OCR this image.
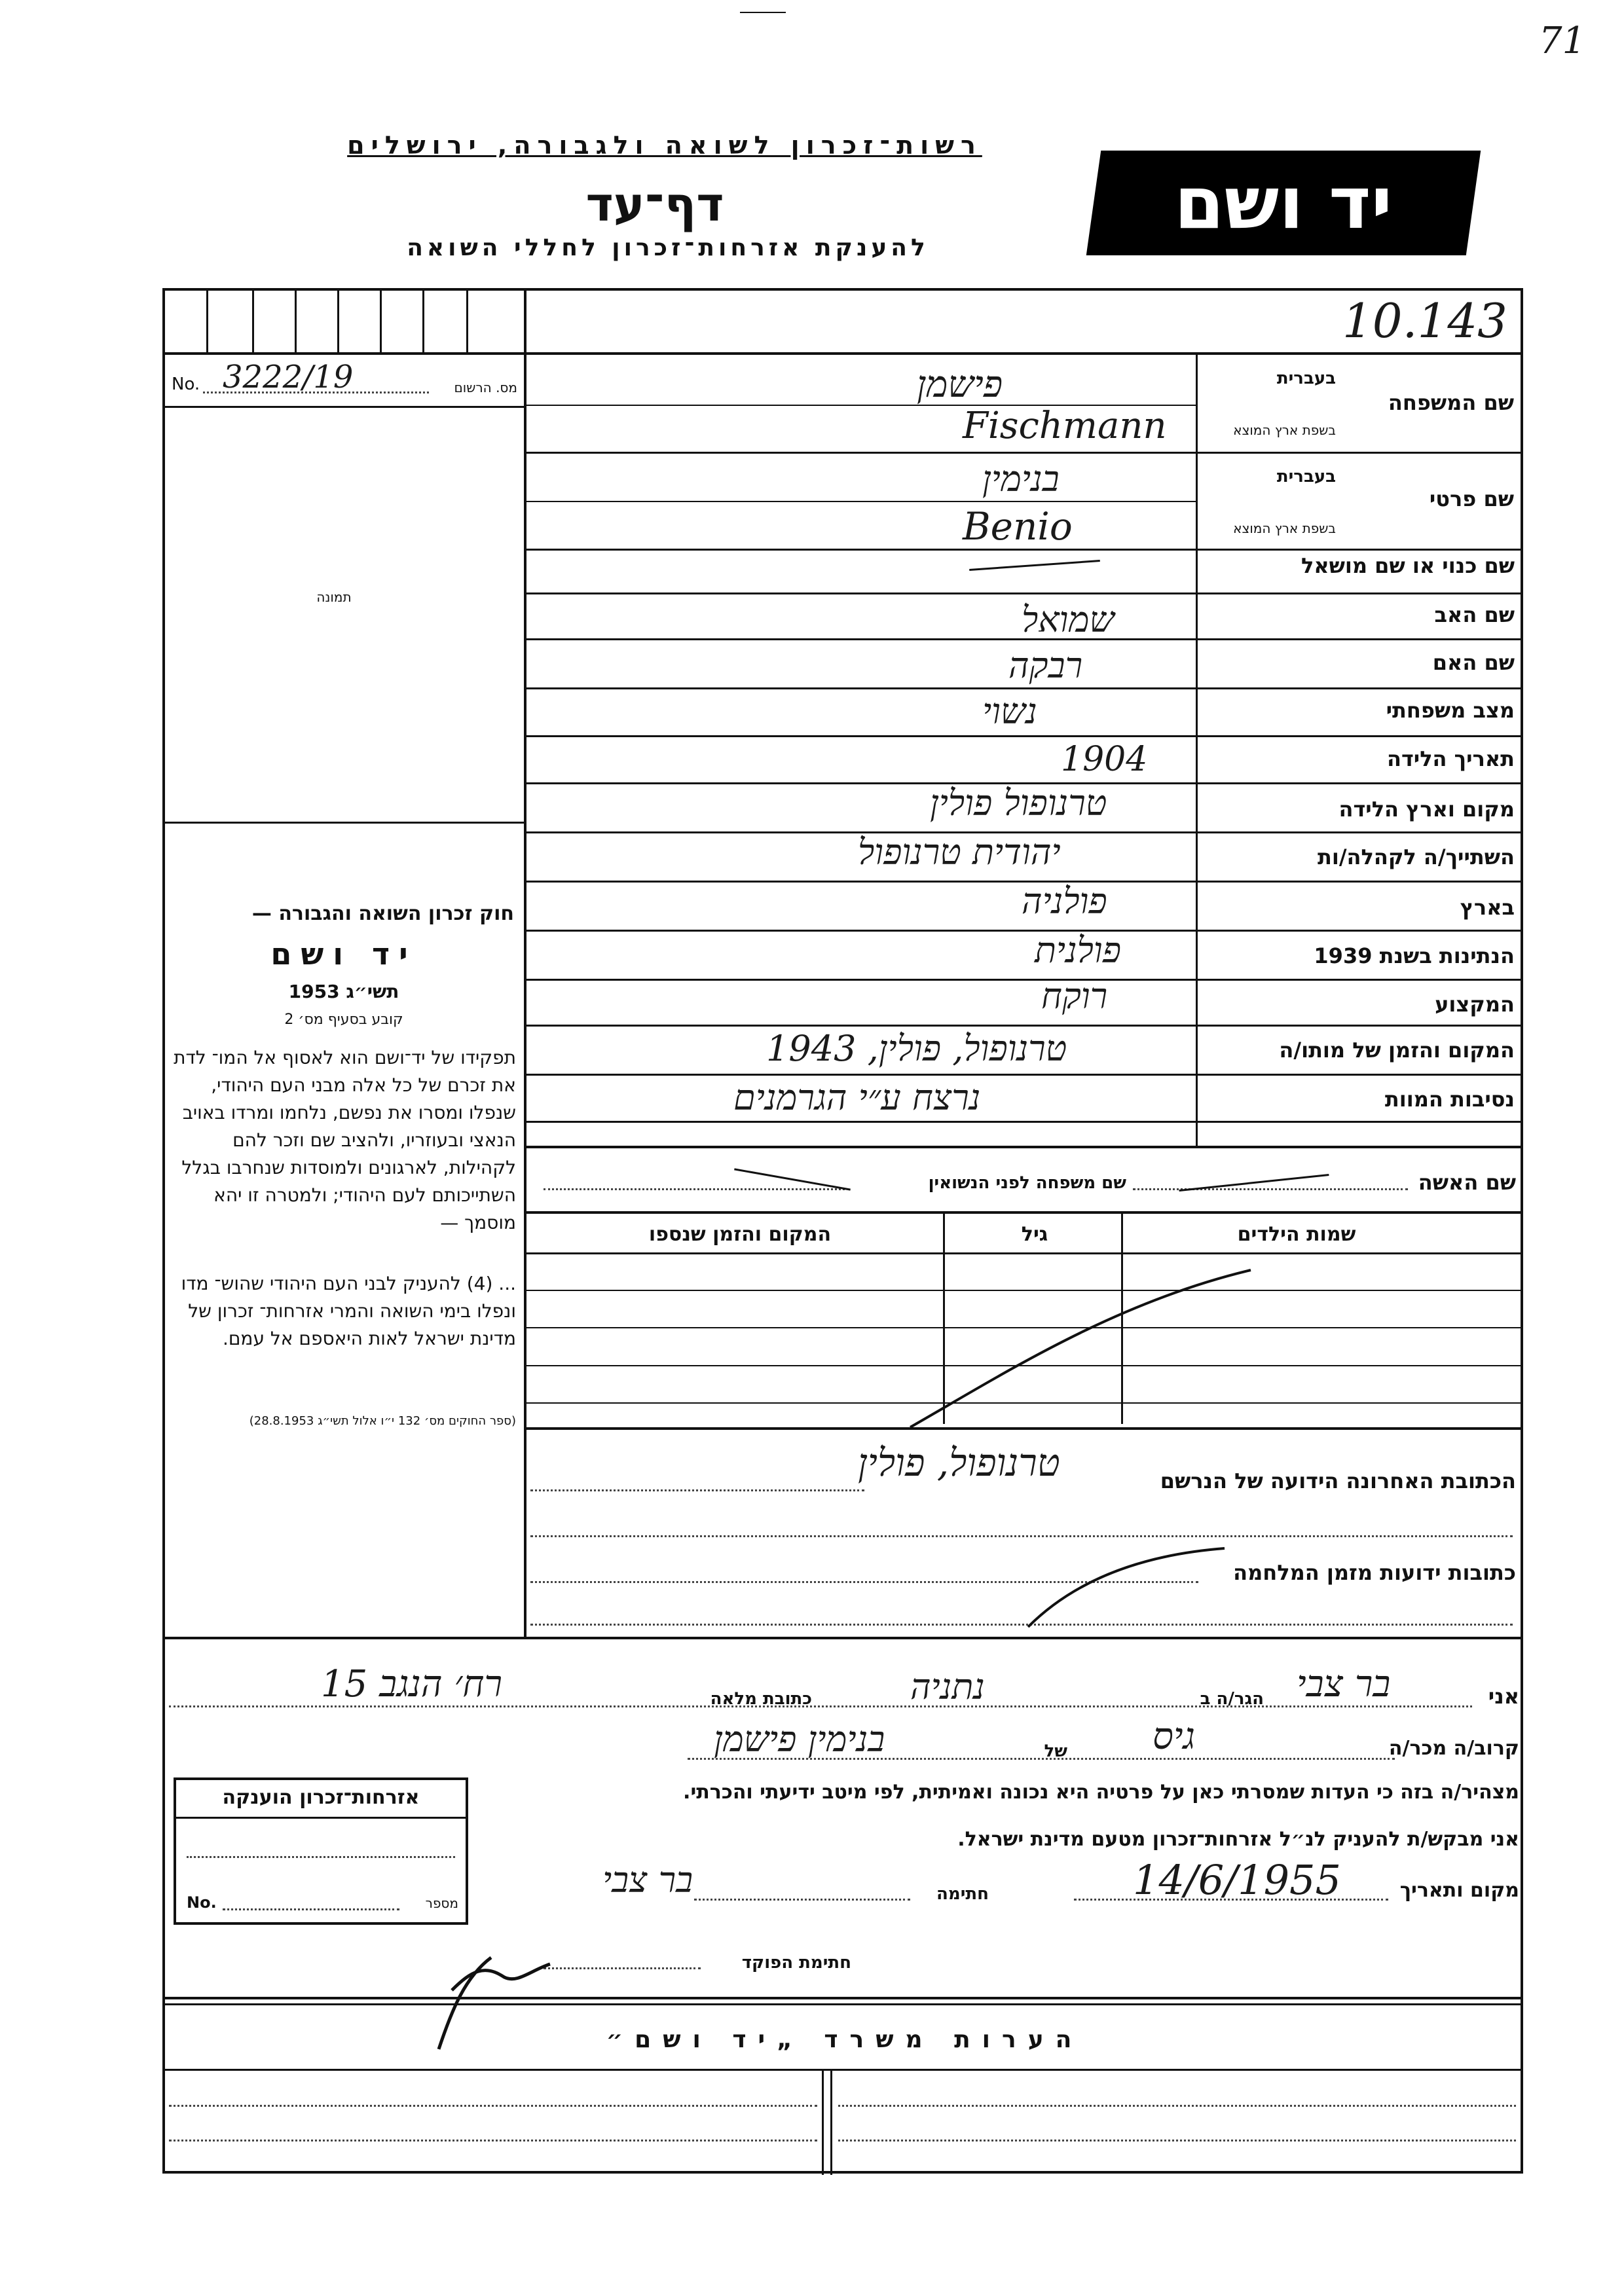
71
רשות־זכרון לשואה ולגבורה, ירושלים
דף־עד
להענקת אזרחות־זכרון לחללי השואה
יד ושם
10.143
No. 3222/19	מס. הרשום
תמונה
חוק זכרון השואה והגבורה —
יד ושם
תשי״ג 1953
קובע בסעיף מס׳ 2
תפקידו של יד־ושם הוא לאסוף אל המו־ לדת את זכרם של כל אלה מבני העם היהודי, שנפלו ומסרו את נפשם, נלחמו ומרדו באויב הנאצי ובעוזריו, ולהציב שם וזכר להם לקהילות, לארגונים ולמוסדות שנחרבו בגלל השתייכותם לעם היהודי; ולמטרה זו יהא מוסמך —
... (4) להעניק לבני העם היהודי שהוש־ מדו ונפלו בימי השואה והמרי אזרחות־ זכרון של מדינת ישראל לאות היאספם אל עמם.
(ספר החוקים מס׳ 132 י״ו אלול תשי״ג 28.8.1953)
בעברית
שם המשפחה
בשפת ארץ המוצא
בעברית
שם פרטי
בשפת ארץ המוצא
שם כנוי או שם מושאל
שם האב
שם האם
מצב משפחתי
תאריך הלידה
מקום וארץ הלידה
השתייך/ה לקהלה/ות
בארץ
הנתינות בשנת 1939
המקצוע
המקום והזמן של מותו/ה
נסיבות המוות
פישמן
Fischmann
בנימין
Benio
שמואל
רבקה
נשוי
1904
טרנופול פולין
יהודית טרנופול
פולניה
פולנית
רוקח
טרנופול, פולין, 1943
נרצח ע״י הגרמנים
שם האשה
שם משפחה לפני הנשואין
שמות הילדים
גיל
המקום והזמן שנספו
הכתובת האחרונה הידועה של הנרשם
טרנופול, פולין
כתובות ידועות מזמן המלחמה
אני
בר צבי
הגר/ה ב
נתניה
כתובת מלאה
רח׳ הנגב 15
קרוב/ה מכר/ה
גיס
של
בנימין פישמן
מצהיר/ה בזה כי העדות שמסרתי כאן על פרטיה היא נכונה ואמיתית, לפי מיטב ידיעתי והכרתי.
אני מבקש/ת להעניק לנ״ל אזרחות־זכרון מטעם מדינת ישראל.
מקום ותאריך
14/6/1955
חתימה
בר צבי
חתימת הפוקד
אזרחות־זכרון הוענקה
No.	מספר
הערות משרד „יד ושם״
